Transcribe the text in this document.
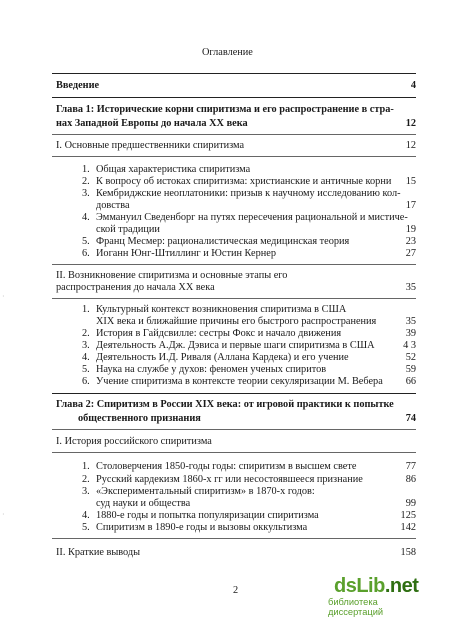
Оглавление
Введение	4
Глава 1: Исторические корни спиритизма и его распространение в стра-
нах Западной Европы до начала XX века	12
I. Основные предшественники спиритизма	12
1. Общая характеристика спиритизма
2. К вопросу об истоках спиритизма: христианские и античные корни 15
3. Кембриджские неоплатоники: призыв к научному исследованию кол-
довства	17
4. Эммануил Сведенборг на путях пересечения рациональной и мистиче-
ской традиции	19
5. Франц Месмер: рационалистическая медицинская теория	23
6. Иоганн Юнг-Штиллинг и Юстин Кернер	27
II. Возникновение спиритизма и основные этапы его
распространения до начала XX века	35
1. Культурный контекст возникновения спиритизма в США
XIX века и ближайшие причины его быстрого распространения	35
2. История в Гайдсвилле: сестры Фокс и начало движения	39
3. Деятельность А.Дж. Дэвиса и первые шаги спиритизма в США	4 3
4. Деятельность И.Д. Риваля (Аллана Кардека) и его учение	52
5. Наука на службе у духов: феномен ученых спиритов	59
6. Учение спиритизма в контексте теории секуляризации М. Вебера 66
Глава 2: Спиритизм в России XIX века: от игровой практики к попытке
общественного признания	74
I. История российского спиритизма
1. Столоверчения 1850-годы годы: спиритизм в высшем свете	77
2. Русский кардекизм 1860-х гг или несостоявшееся признание	86
3. «Экспериментальный спиритизм» в 1870-х годов:
суд науки и общества	99
4. 1880-е годы и попытка популяризации спиритизма	125
5. Спиритизм в 1890-е годы и вызовы оккультизма	142
II. Краткие выводы	158
2
·
·
dsLib.net
библиотека диссертаций
